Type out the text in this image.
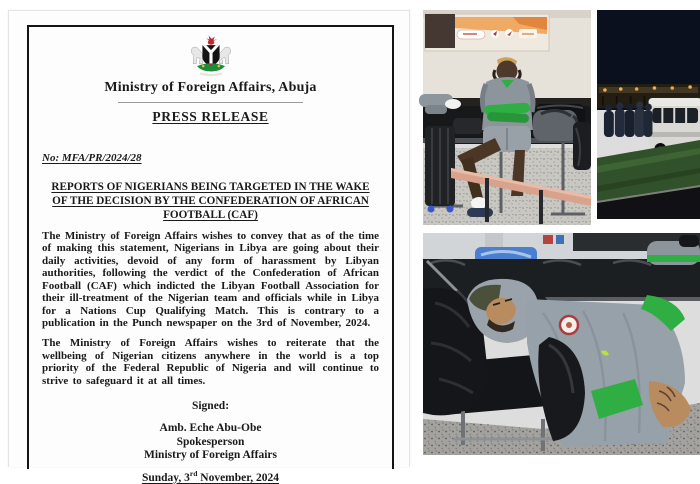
Ministry of Foreign Affairs, Abuja
PRESS RELEASE
No: MFA/PR/2024/28
REPORTS OF NIGERIANS BEING TARGETED IN THE WAKE OF THE DECISION BY THE CONFEDERATION OF AFRICAN FOOTBALL (CAF)

The Ministry of Foreign Affairs wishes to convey that as of the time of making this statement, Nigerians in Libya are going about their daily activities, devoid of any form of harassment by Libyan authorities, following the verdict of the Confederation of African Football (CAF) which indicted the Libyan Football Association for their ill-treatment of the Nigerian team and officials while in Libya for a Nations Cup Qualifying Match. This is contrary to a publication in the Punch newspaper on the 3rd of November, 2024.

The Ministry of Foreign Affairs wishes to reiterate that the wellbeing of Nigerian citizens anywhere in the world is a top priority of the Federal Republic of Nigeria and will continue to strive to safeguard it at all times.

Signed:
Amb. Eche Abu-Obe
Spokesperson
Ministry of Foreign Affairs
Sunday, 3rd November, 2024
